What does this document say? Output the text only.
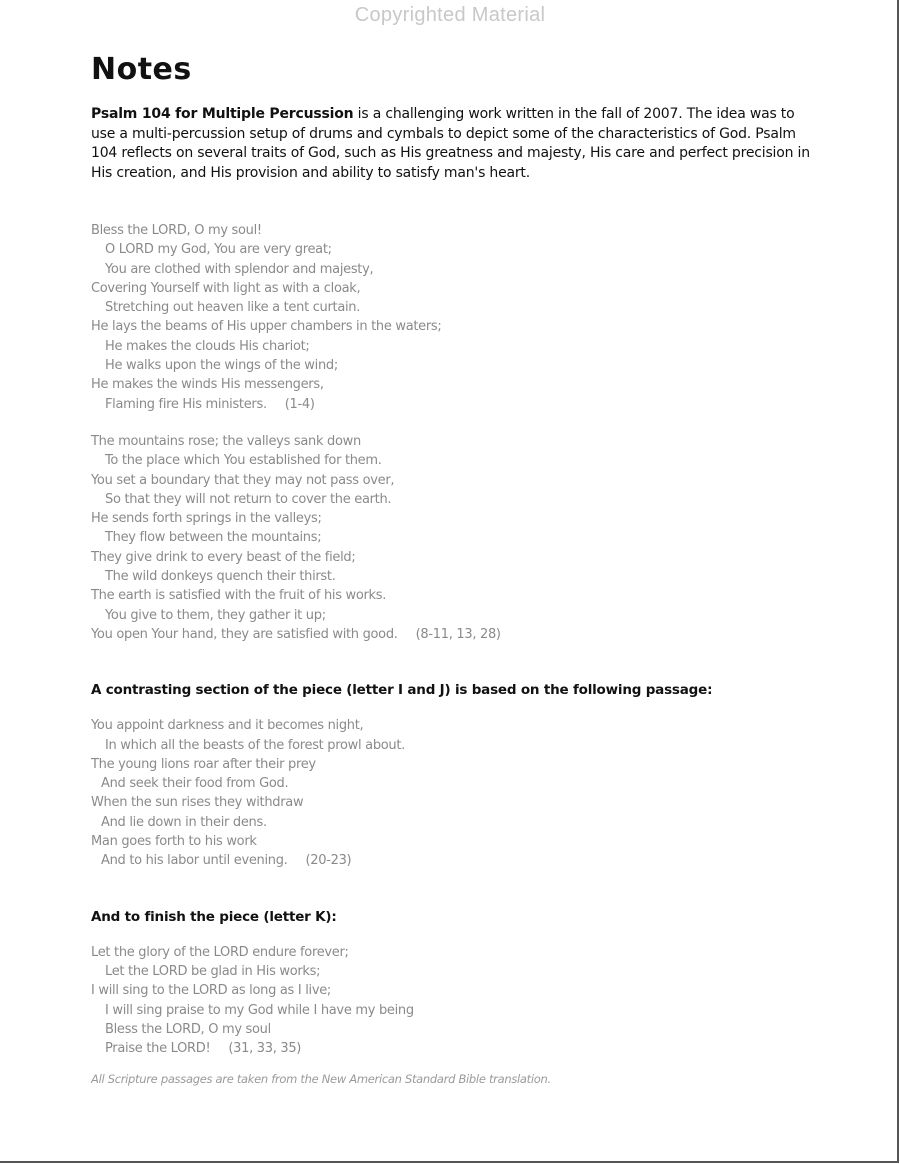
Copyrighted Material
Notes

Psalm 104 for Multiple Percussion is a challenging work written in the fall of 2007. The idea was to use a multi-percussion setup of drums and cymbals to depict some of the characteristics of God. Psalm 104 reflects on several traits of God, such as His greatness and majesty, His care and perfect precision in His creation, and His provision and ability to satisfy man's heart.

Bless the LORD, O my soul!
O LORD my God, You are very great;
You are clothed with splendor and majesty,
Covering Yourself with light as with a cloak,
Stretching out heaven like a tent curtain.
He lays the beams of His upper chambers in the waters;
He makes the clouds His chariot;
He walks upon the wings of the wind;
He makes the winds His messengers,
Flaming fire His ministers. (1-4)
The mountains rose; the valleys sank down
To the place which You established for them.
You set a boundary that they may not pass over,
So that they will not return to cover the earth.
He sends forth springs in the valleys;
They flow between the mountains;
They give drink to every beast of the field;
The wild donkeys quench their thirst.
The earth is satisfied with the fruit of his works.
You give to them, they gather it up;
You open Your hand, they are satisfied with good. (8-11, 13, 28)

A contrasting section of the piece (letter I and J) is based on the following passage:

You appoint darkness and it becomes night,
In which all the beasts of the forest prowl about.
The young lions roar after their prey
And seek their food from God.
When the sun rises they withdraw
And lie down in their dens.
Man goes forth to his work
And to his labor until evening. (20-23)

And to finish the piece (letter K):

Let the glory of the LORD endure forever;
Let the LORD be glad in His works;
I will sing to the LORD as long as I live;
I will sing praise to my God while I have my being
Bless the LORD, O my soul
Praise the LORD! (31, 33, 35)

All Scripture passages are taken from the New American Standard Bible translation.
